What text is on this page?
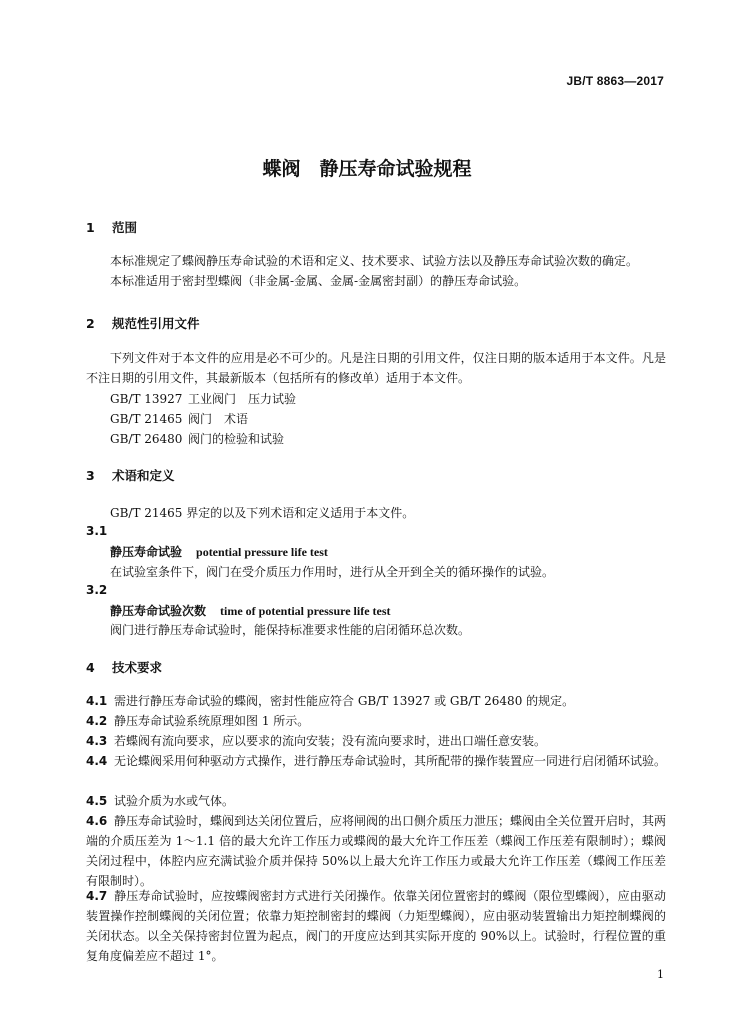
JB/T 8863—2017
蝶阀　静压寿命试验规程
1 范围
本标准规定了蝶阀静压寿命试验的术语和定义、技术要求、试验方法以及静压寿命试验次数的确定。
本标准适用于密封型蝶阀（非金属-金属、金属-金属密封副）的静压寿命试验。
2 规范性引用文件
下列文件对于本文件的应用是必不可少的。凡是注日期的引用文件，仅注日期的版本适用于本文件。凡是不注日期的引用文件，其最新版本（包括所有的修改单）适用于本文件。
GB/T 13927 工业阀门　压力试验
GB/T 21465 阀门　术语
GB/T 26480 阀门的检验和试验
3 术语和定义
GB/T 21465 界定的以及下列术语和定义适用于本文件。
3.1
静压寿命试验 potential pressure life test
在试验室条件下，阀门在受介质压力作用时，进行从全开到全关的循环操作的试验。
3.2
静压寿命试验次数 time of potential pressure life test
阀门进行静压寿命试验时，能保持标准要求性能的启闭循环总次数。
4 技术要求
4.1 需进行静压寿命试验的蝶阀，密封性能应符合 GB/T 13927 或 GB/T 26480 的规定。
4.2 静压寿命试验系统原理如图 1 所示。
4.3 若蝶阀有流向要求，应以要求的流向安装；没有流向要求时，进出口端任意安装。
4.4 无论蝶阀采用何种驱动方式操作，进行静压寿命试验时，其所配带的操作装置应一同进行启闭循环试验。
4.5 试验介质为水或气体。
4.6 静压寿命试验时，蝶阀到达关闭位置后，应将闸阀的出口侧介质压力泄压；蝶阀由全关位置开启时，其两端的介质压差为 1～1.1 倍的最大允许工作压力或蝶阀的最大允许工作压差（蝶阀工作压差有限制时）；蝶阀关闭过程中，体腔内应充满试验介质并保持 50%以上最大允许工作压力或最大允许工作压差（蝶阀工作压差有限制时）。
4.7 静压寿命试验时，应按蝶阀密封方式进行关闭操作。依靠关闭位置密封的蝶阀（限位型蝶阀），应由驱动装置操作控制蝶阀的关闭位置；依靠力矩控制密封的蝶阀（力矩型蝶阀），应由驱动装置输出力矩控制蝶阀的关闭状态。以全关保持密封位置为起点，阀门的开度应达到其实际开度的 90%以上。试验时，行程位置的重复角度偏差应不超过 1°。
1
